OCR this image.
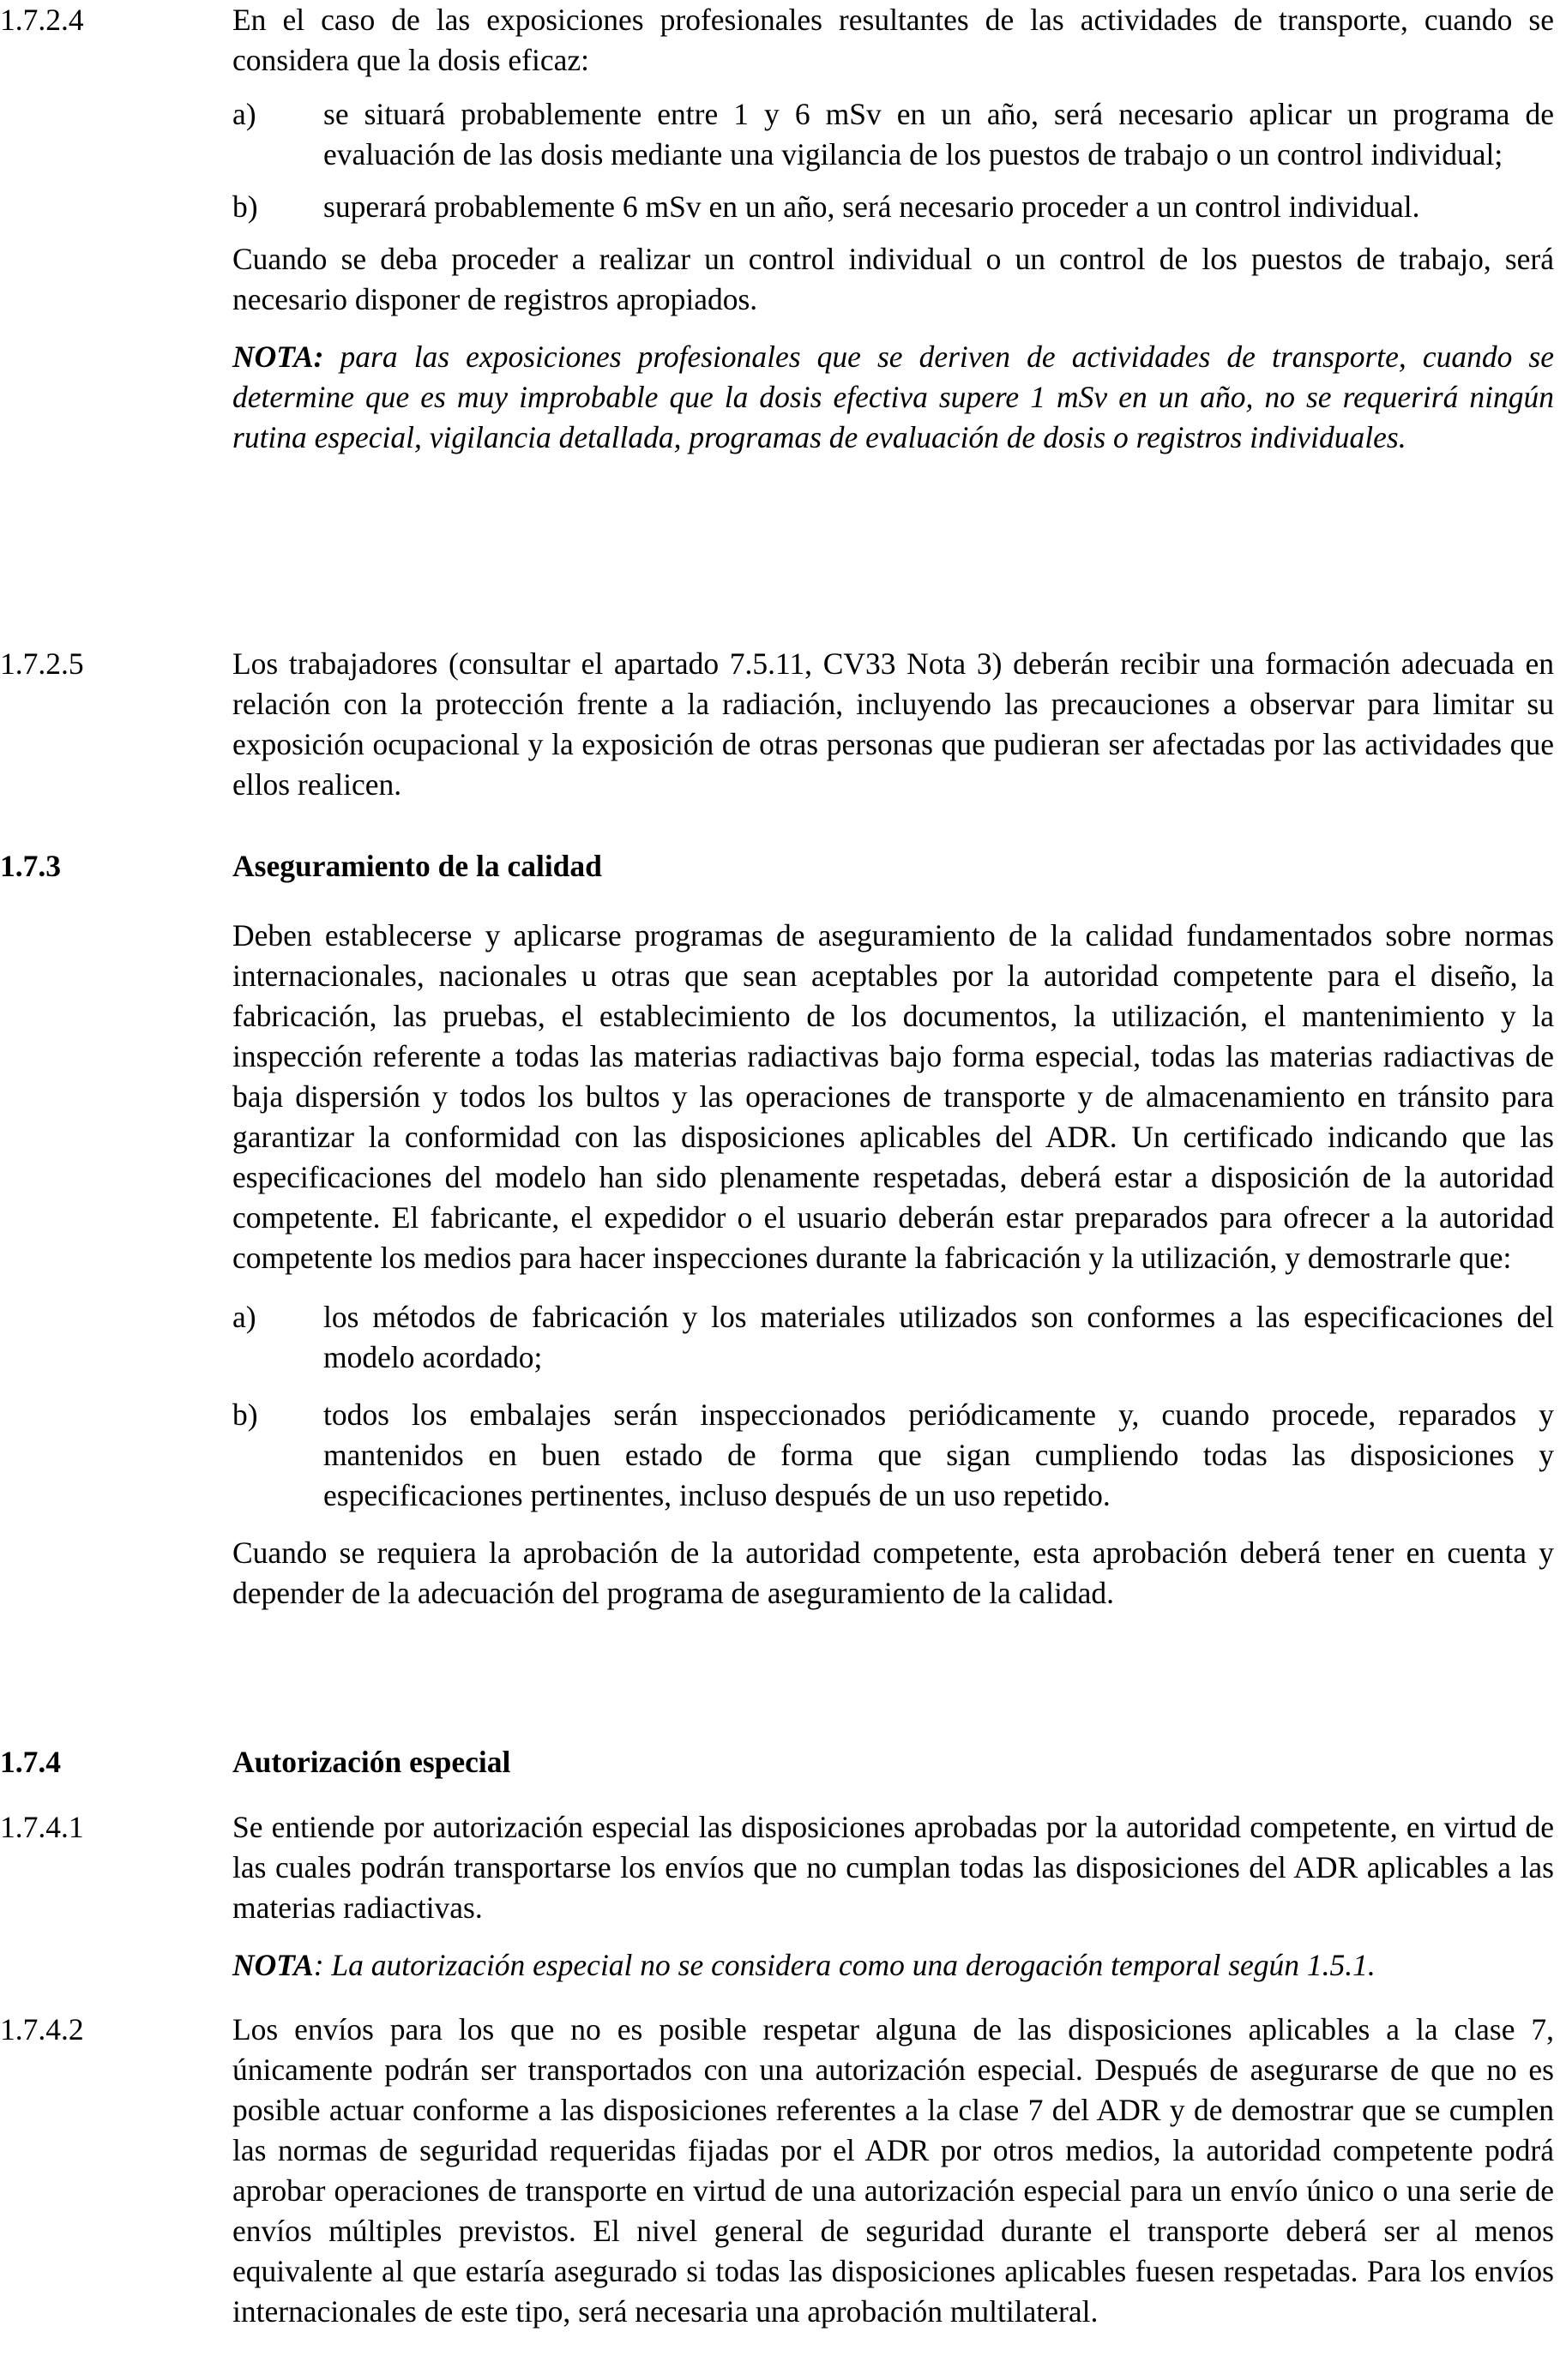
1.7.2.4	En el caso de las exposiciones profesionales resultantes de las actividades de transporte, cuando se considera que la dosis eficaz:

a) se situará probablemente entre 1 y 6 mSv en un año, será necesario aplicar un programa de evaluación de las dosis mediante una vigilancia de los puestos de trabajo o un control individual;

b) superará probablemente 6 mSv en un año, será necesario proceder a un control individual.

Cuando se deba proceder a realizar un control individual o un control de los puestos de trabajo, será necesario disponer de registros apropiados.

NOTA: para las exposiciones profesionales que se deriven de actividades de transporte, cuando se determine que es muy improbable que la dosis efectiva supere 1 mSv en un año, no se requerirá ningún rutina especial, vigilancia detallada, programas de evaluación de dosis o registros individuales.

1.7.2.5	Los trabajadores (consultar el apartado 7.5.11, CV33 Nota 3) deberán recibir una formación adecuada en relación con la protección frente a la radiación, incluyendo las precauciones a observar para limitar su exposición ocupacional y la exposición de otras personas que pudieran ser afectadas por las actividades que ellos realicen.

1.7.3	Aseguramiento de la calidad

Deben establecerse y aplicarse programas de aseguramiento de la calidad fundamentados sobre normas internacionales, nacionales u otras que sean aceptables por la autoridad competente para el diseño, la fabricación, las pruebas, el establecimiento de los documentos, la utilización, el mantenimiento y la inspección referente a todas las materias radiactivas bajo forma especial, todas las materias radiactivas de baja dispersión y todos los bultos y las operaciones de transporte y de almacenamiento en tránsito para garantizar la conformidad con las disposiciones aplicables del ADR. Un certificado indicando que las especificaciones del modelo han sido plenamente respetadas, deberá estar a disposición de la autoridad competente. El fabricante, el expedidor o el usuario deberán estar preparados para ofrecer a la autoridad competente los medios para hacer inspecciones durante la fabricación y la utilización, y demostrarle que:

a) los métodos de fabricación y los materiales utilizados son conformes a las especificaciones del modelo acordado;

b) todos los embalajes serán inspeccionados periódicamente y, cuando procede, reparados y mantenidos en buen estado de forma que sigan cumpliendo todas las disposiciones y especificaciones pertinentes, incluso después de un uso repetido.

Cuando se requiera la aprobación de la autoridad competente, esta aprobación deberá tener en cuenta y depender de la adecuación del programa de aseguramiento de la calidad.

1.7.4	Autorización especial

1.7.4.1	Se entiende por autorización especial las disposiciones aprobadas por la autoridad competente, en virtud de las cuales podrán transportarse los envíos que no cumplan todas las disposiciones del ADR aplicables a las materias radiactivas.

NOTA: La autorización especial no se considera como una derogación temporal según 1.5.1.

1.7.4.2	Los envíos para los que no es posible respetar alguna de las disposiciones aplicables a la clase 7, únicamente podrán ser transportados con una autorización especial. Después de asegurarse de que no es posible actuar conforme a las disposiciones referentes a la clase 7 del ADR y de demostrar que se cumplen las normas de seguridad requeridas fijadas por el ADR por otros medios, la autoridad competente podrá aprobar operaciones de transporte en virtud de una autorización especial para un envío único o una serie de envíos múltiples previstos. El nivel general de seguridad durante el transporte deberá ser al menos equivalente al que estaría asegurado si todas las disposiciones aplicables fuesen respetadas. Para los envíos internacionales de este tipo, será necesaria una aprobación multilateral.
